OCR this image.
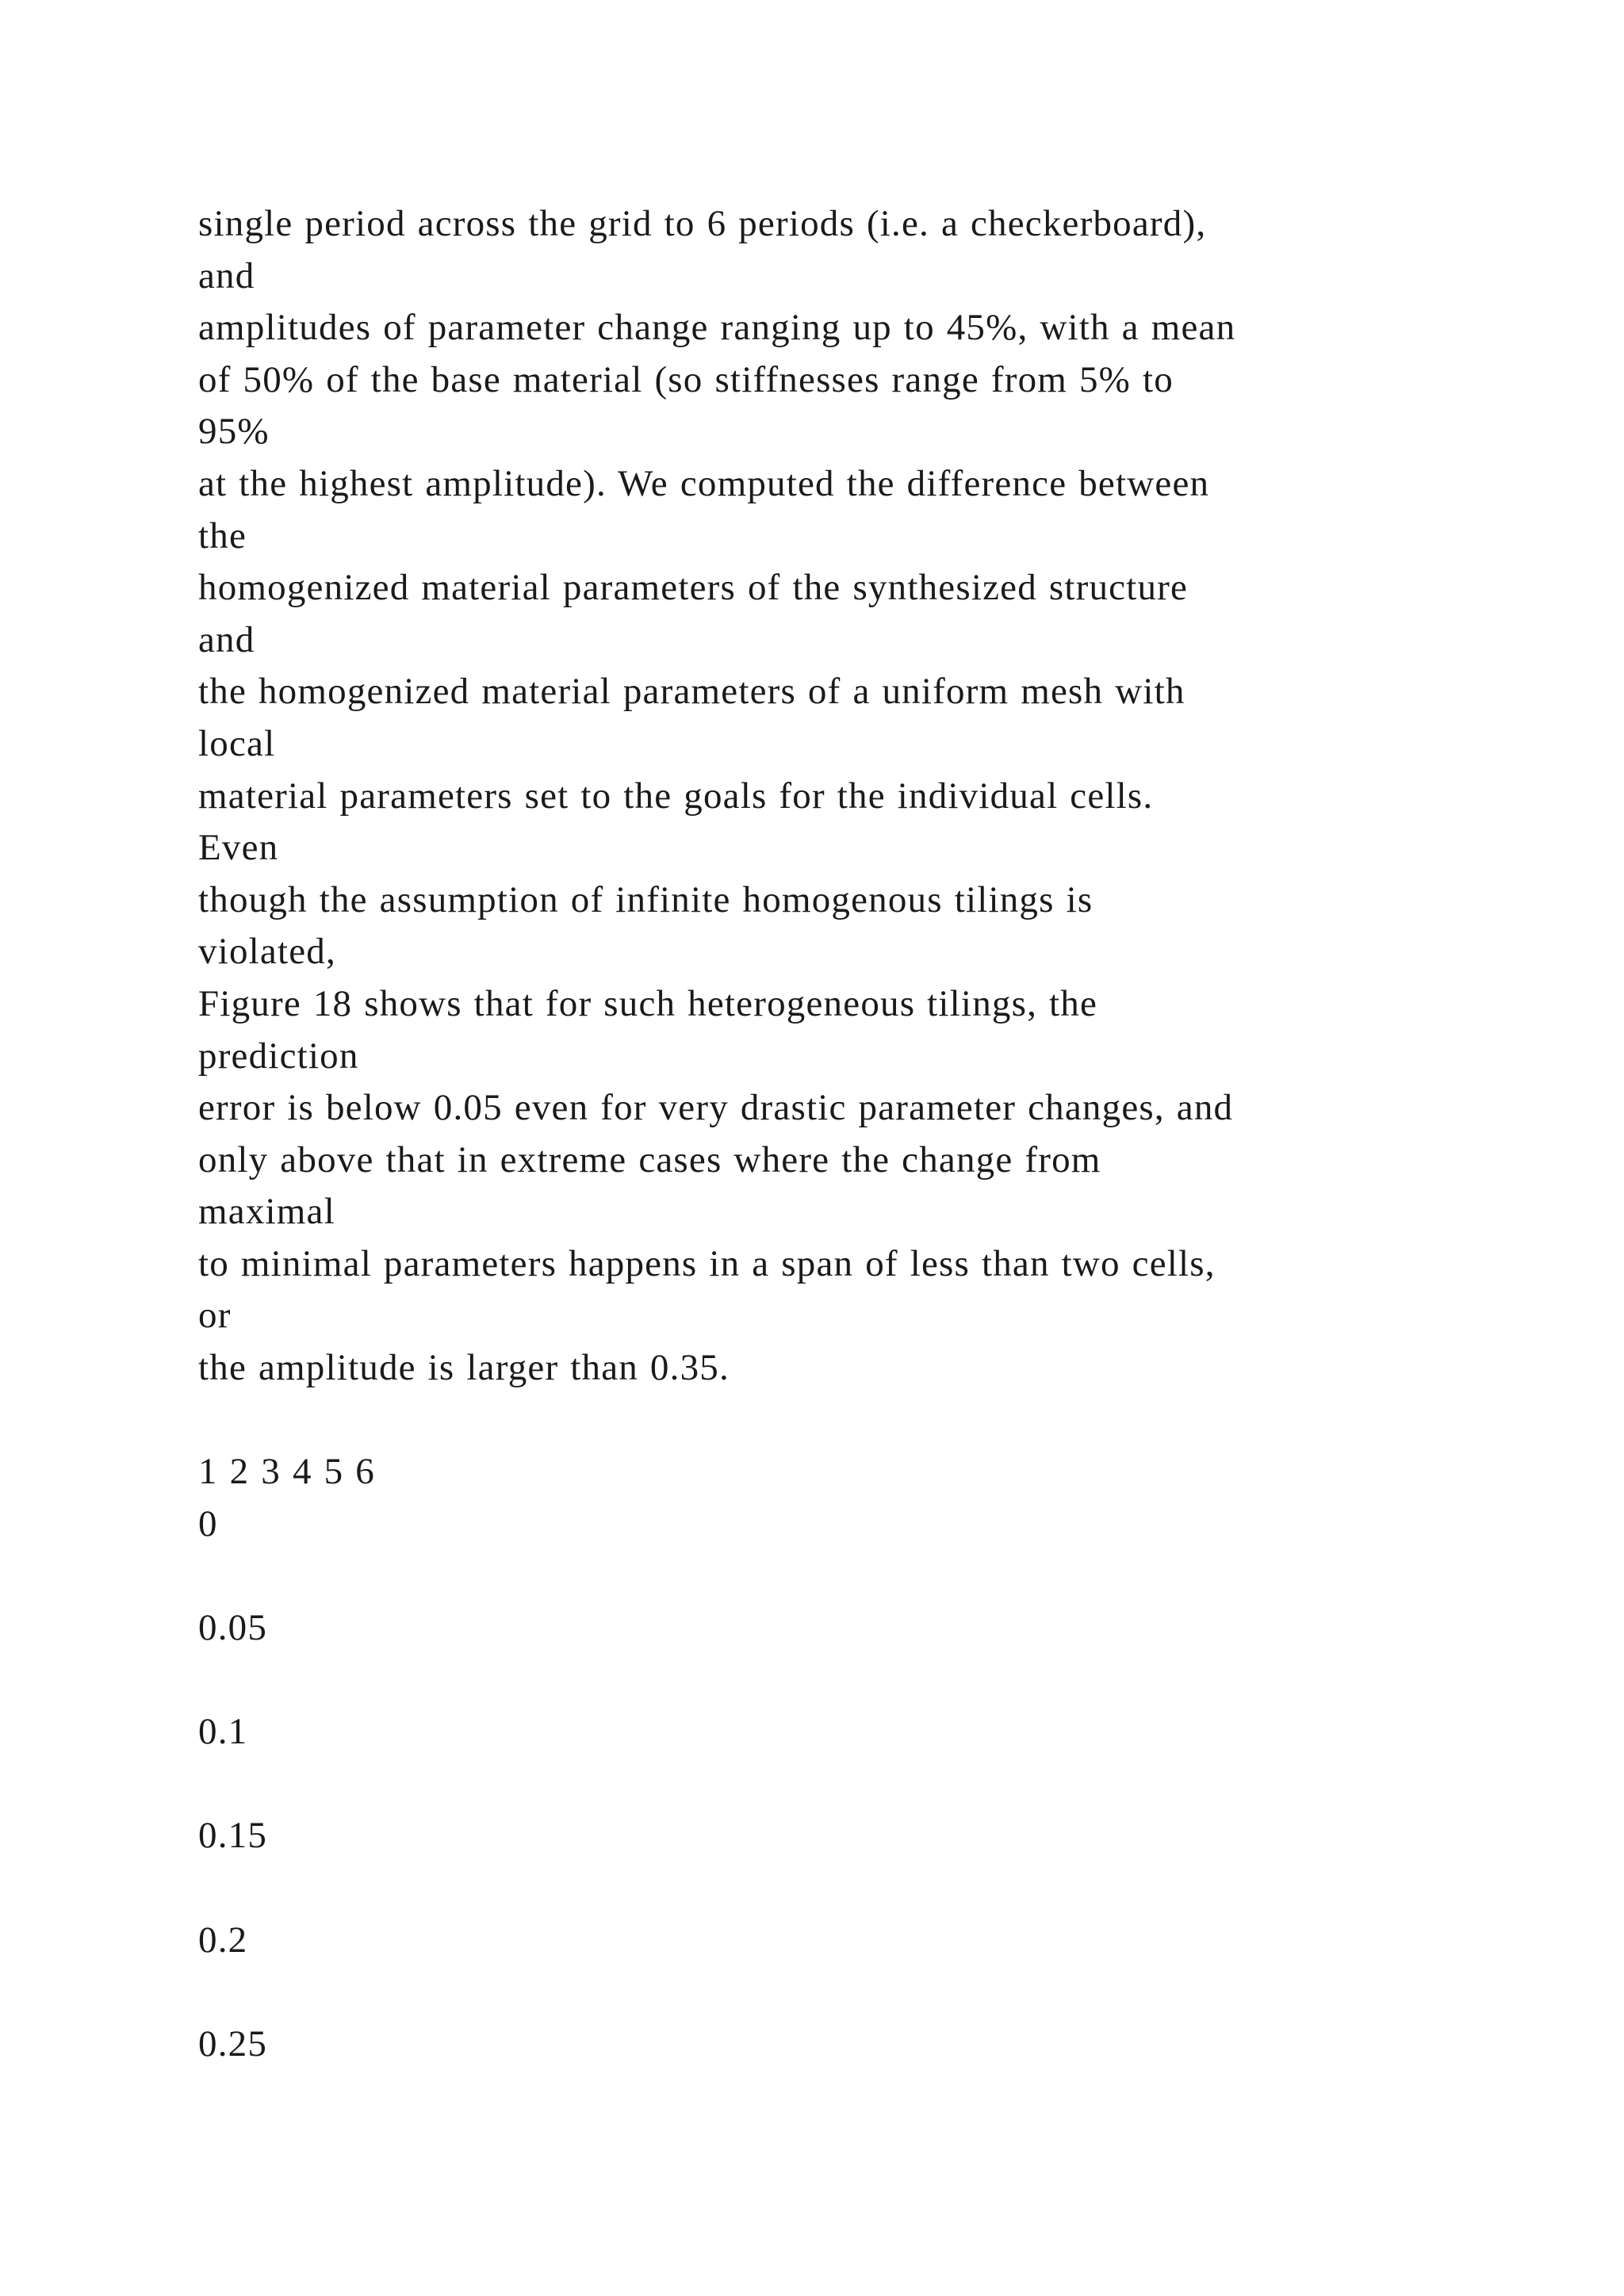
single period across the grid to 6 periods (i.e. a checkerboard),
and
amplitudes of parameter change ranging up to 45%, with a mean
of 50% of the base material (so stiffnesses range from 5% to
95%
at the highest amplitude). We computed the difference between
the
homogenized material parameters of the synthesized structure
and
the homogenized material parameters of a uniform mesh with
local
material parameters set to the goals for the individual cells.
Even
though the assumption of infinite homogenous tilings is
violated,
Figure 18 shows that for such heterogeneous tilings, the
prediction
error is below 0.05 even for very drastic parameter changes, and
only above that in extreme cases where the change from
maximal
to minimal parameters happens in a span of less than two cells,
or
the amplitude is larger than 0.35.
1 2 3 4 5 6
0
0.05
0.1
0.15
0.2
0.25
